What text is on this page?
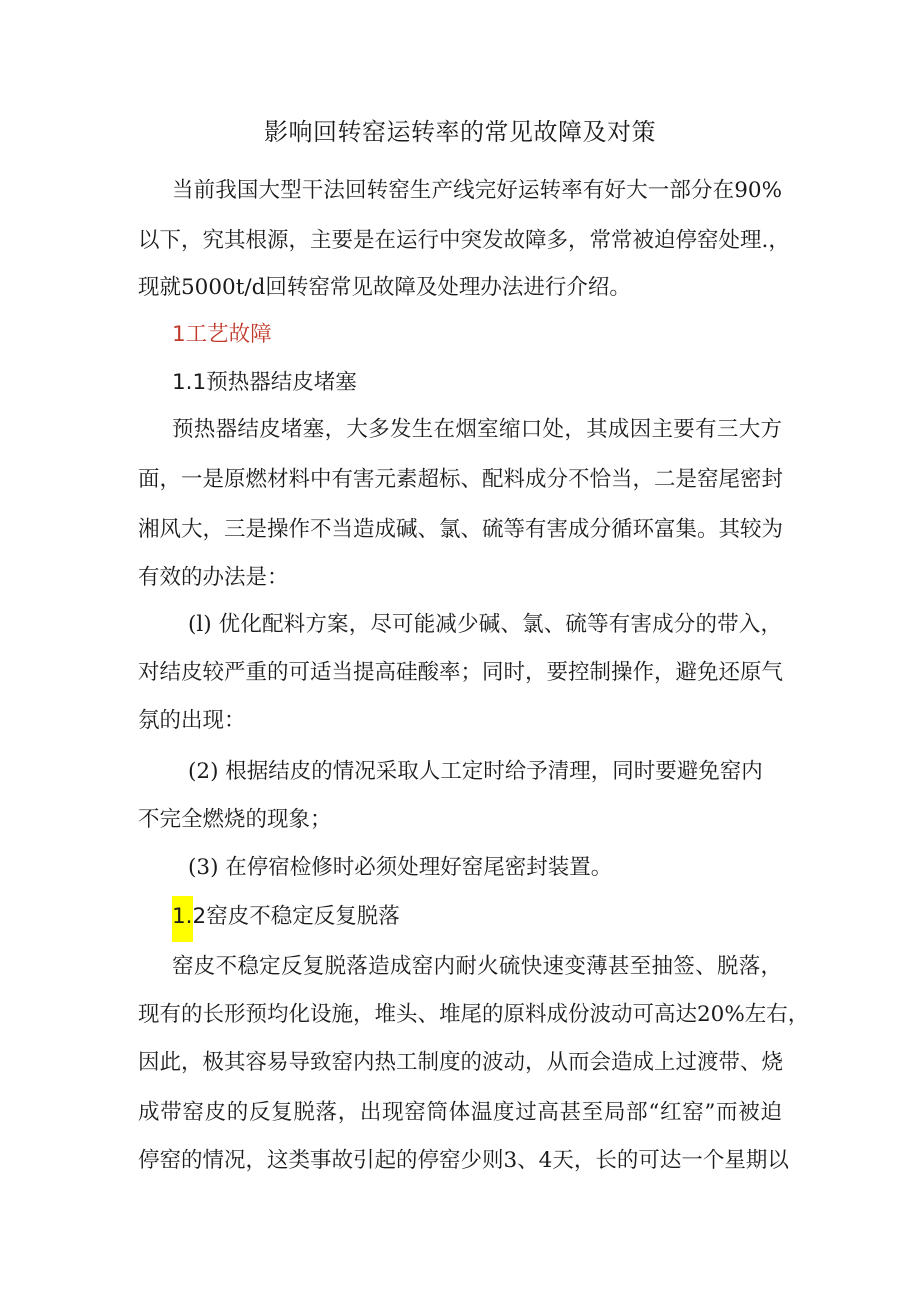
影响回转窑运转率的常见故障及对策
当前我国大型干法回转窑生产线完好运转率有好大一部分在90%
以下，究其根源，主要是在运行中突发故障多，常常被迫停窑处理.，
现就5000t∕d回转窑常见故障及处理办法进行介绍。
1工艺故障
1.1预热器结皮堵塞
预热器结皮堵塞，大多发生在烟室缩口处，其成因主要有三大方
面，一是原燃材料中有害元素超标、配料成分不恰当，二是窑尾密封
湘风大，三是操作不当造成碱、氯、硫等有害成分循环富集。其较为
有效的办法是：
(l) 优化配料方案，尽可能减少碱、氯、硫等有害成分的带入，
对结皮较严重的可适当提高硅酸率；同时，要控制操作，避免还原气
氛的出现：
(2) 根据结皮的情况采取人工定时给予清理，同时要避免窑内
不完全燃烧的现象；
(3) 在停宿检修时必须处理好窑尾密封装置。
1.2窑皮不稳定反复脱落
窑皮不稳定反复脱落造成窑内耐火硫快速变薄甚至抽签、脱落，
现有的长形预均化设施，堆头、堆尾的原料成份波动可高达20%左右，
因此，极其容易导致窑内热工制度的波动，从而会造成上过渡带、烧
成带窑皮的反复脱落，出现窑筒体温度过高甚至局部“红窑”而被迫
停窑的情况，这类事故引起的停窑少则3、4天，长的可达一个星期以
